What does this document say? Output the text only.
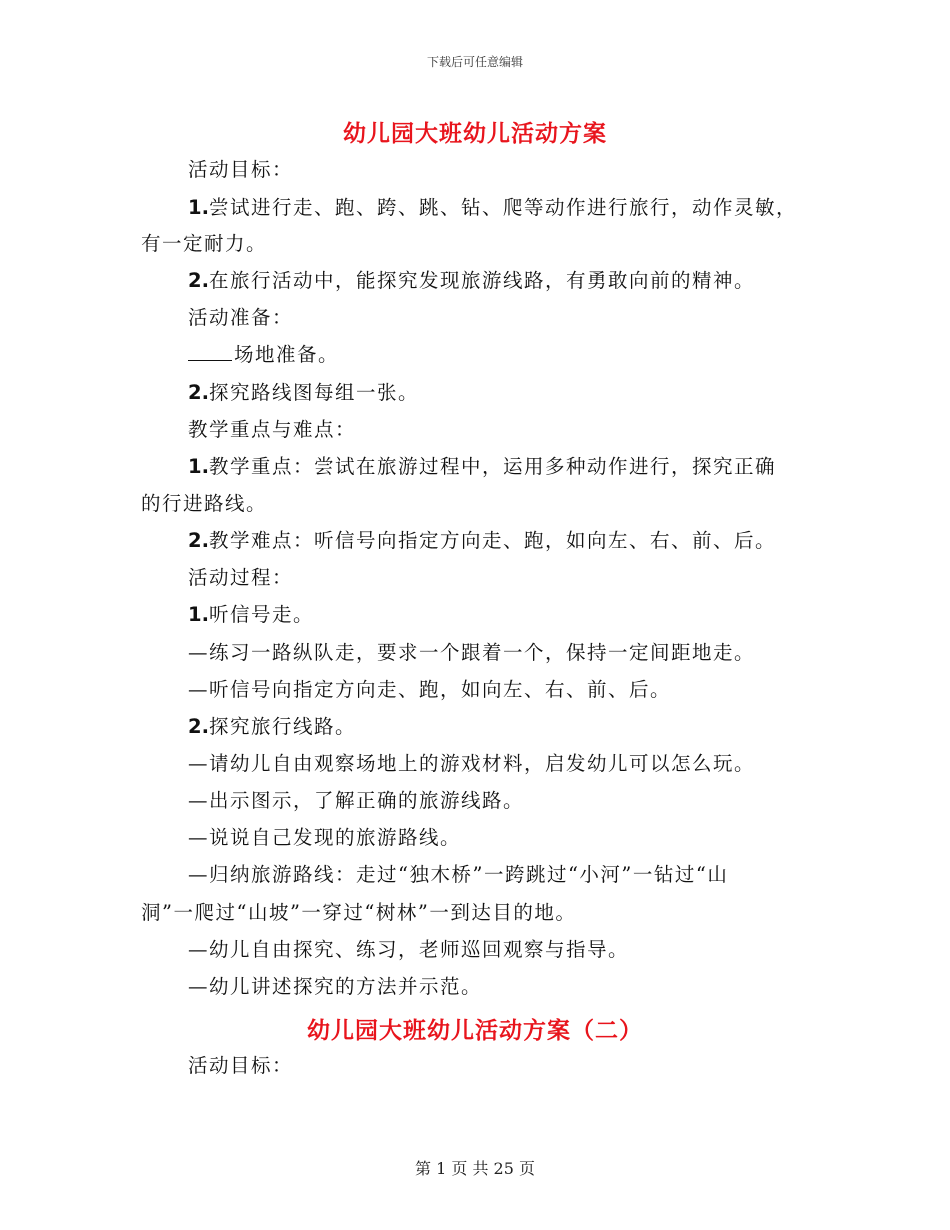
下载后可任意编辑
幼儿园大班幼儿活动方案
活动目标：
1.尝试进行走、跑、跨、跳、钻、爬等动作进行旅行，动作灵敏，
有一定耐力。
2.在旅行活动中，能探究发现旅游线路，有勇敢向前的精神。
活动准备：
场地准备。
2.探究路线图每组一张。
教学重点与难点：
1.教学重点：尝试在旅游过程中，运用多种动作进行，探究正确
的行进路线。
2.教学难点：听信号向指定方向走、跑，如向左、右、前、后。
活动过程：
1.听信号走。
—练习一路纵队走，要求一个跟着一个，保持一定间距地走。
—听信号向指定方向走、跑，如向左、右、前、后。
2.探究旅行线路。
—请幼儿自由观察场地上的游戏材料，启发幼儿可以怎么玩。
—出示图示，了解正确的旅游线路。
—说说自己发现的旅游路线。
—归纳旅游路线：走过“独木桥”一跨跳过“小河”一钻过“山
洞”一爬过“山坡”一穿过“树林”一到达目的地。
—幼儿自由探究、练习，老师巡回观察与指导。
—幼儿讲述探究的方法并示范。
幼儿园大班幼儿活动方案（二）
活动目标：
第 1 页 共 25 页
